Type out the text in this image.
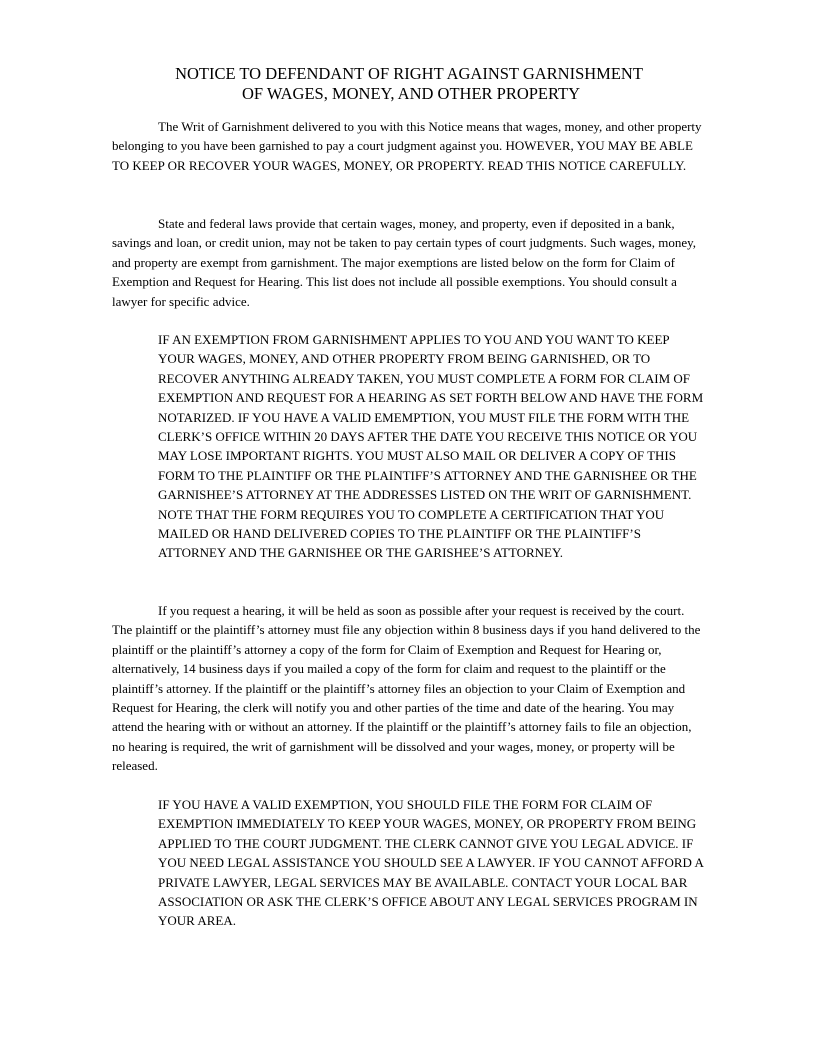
NOTICE TO DEFENDANT OF RIGHT AGAINST GARNISHMENT
OF WAGES, MONEY, AND OTHER PROPERTY

The Writ of Garnishment delivered to you with this Notice means that wages, money, and other property belonging to you have been garnished to pay a court judgment against you. HOWEVER, YOU MAY BE ABLE TO KEEP OR RECOVER YOUR WAGES, MONEY, OR PROPERTY. READ THIS NOTICE CAREFULLY.

State and federal laws provide that certain wages, money, and property, even if deposited in a bank, savings and loan, or credit union, may not be taken to pay certain types of court judgments. Such wages, money, and property are exempt from garnishment. The major exemptions are listed below on the form for Claim of Exemption and Request for Hearing. This list does not include all possible exemptions. You should consult a lawyer for specific advice.

IF AN EXEMPTION FROM GARNISHMENT APPLIES TO YOU AND YOU WANT TO KEEP YOUR WAGES, MONEY, AND OTHER PROPERTY FROM BEING GARNISHED, OR TO RECOVER ANYTHING ALREADY TAKEN, YOU MUST COMPLETE A FORM FOR CLAIM OF EXEMPTION AND REQUEST FOR A HEARING AS SET FORTH BELOW AND HAVE THE FORM NOTARIZED. IF YOU HAVE A VALID EMEMPTION, YOU MUST FILE THE FORM WITH THE CLERK’S OFFICE WITHIN 20 DAYS AFTER THE DATE YOU RECEIVE THIS NOTICE OR YOU MAY LOSE IMPORTANT RIGHTS. YOU MUST ALSO MAIL OR DELIVER A COPY OF THIS FORM TO THE PLAINTIFF OR THE PLAINTIFF’S ATTORNEY AND THE GARNISHEE OR THE GARNISHEE’S ATTORNEY AT THE ADDRESSES LISTED ON THE WRIT OF GARNISHMENT. NOTE THAT THE FORM REQUIRES YOU TO COMPLETE A CERTIFICATION THAT YOU MAILED OR HAND DELIVERED COPIES TO THE PLAINTIFF OR THE PLAINTIFF’S ATTORNEY AND THE GARNISHEE OR THE GARISHEE’S ATTORNEY.

If you request a hearing, it will be held as soon as possible after your request is received by the court. The plaintiff or the plaintiff’s attorney must file any objection within 8 business days if you hand delivered to the plaintiff or the plaintiff’s attorney a copy of the form for Claim of Exemption and Request for Hearing or, alternatively, 14 business days if you mailed a copy of the form for claim and request to the plaintiff or the plaintiff’s attorney. If the plaintiff or the plaintiff’s attorney files an objection to your Claim of Exemption and Request for Hearing, the clerk will notify you and other parties of the time and date of the hearing. You may attend the hearing with or without an attorney. If the plaintiff or the plaintiff’s attorney fails to file an objection, no hearing is required, the writ of garnishment will be dissolved and your wages, money, or property will be released.

IF YOU HAVE A VALID EXEMPTION, YOU SHOULD FILE THE FORM FOR CLAIM OF EXEMPTION IMMEDIATELY TO KEEP YOUR WAGES, MONEY, OR PROPERTY FROM BEING APPLIED TO THE COURT JUDGMENT. THE CLERK CANNOT GIVE YOU LEGAL ADVICE. IF YOU NEED LEGAL ASSISTANCE YOU SHOULD SEE A LAWYER. IF YOU CANNOT AFFORD A PRIVATE LAWYER, LEGAL SERVICES MAY BE AVAILABLE. CONTACT YOUR LOCAL BAR ASSOCIATION OR ASK THE CLERK’S OFFICE ABOUT ANY LEGAL SERVICES PROGRAM IN YOUR AREA.
